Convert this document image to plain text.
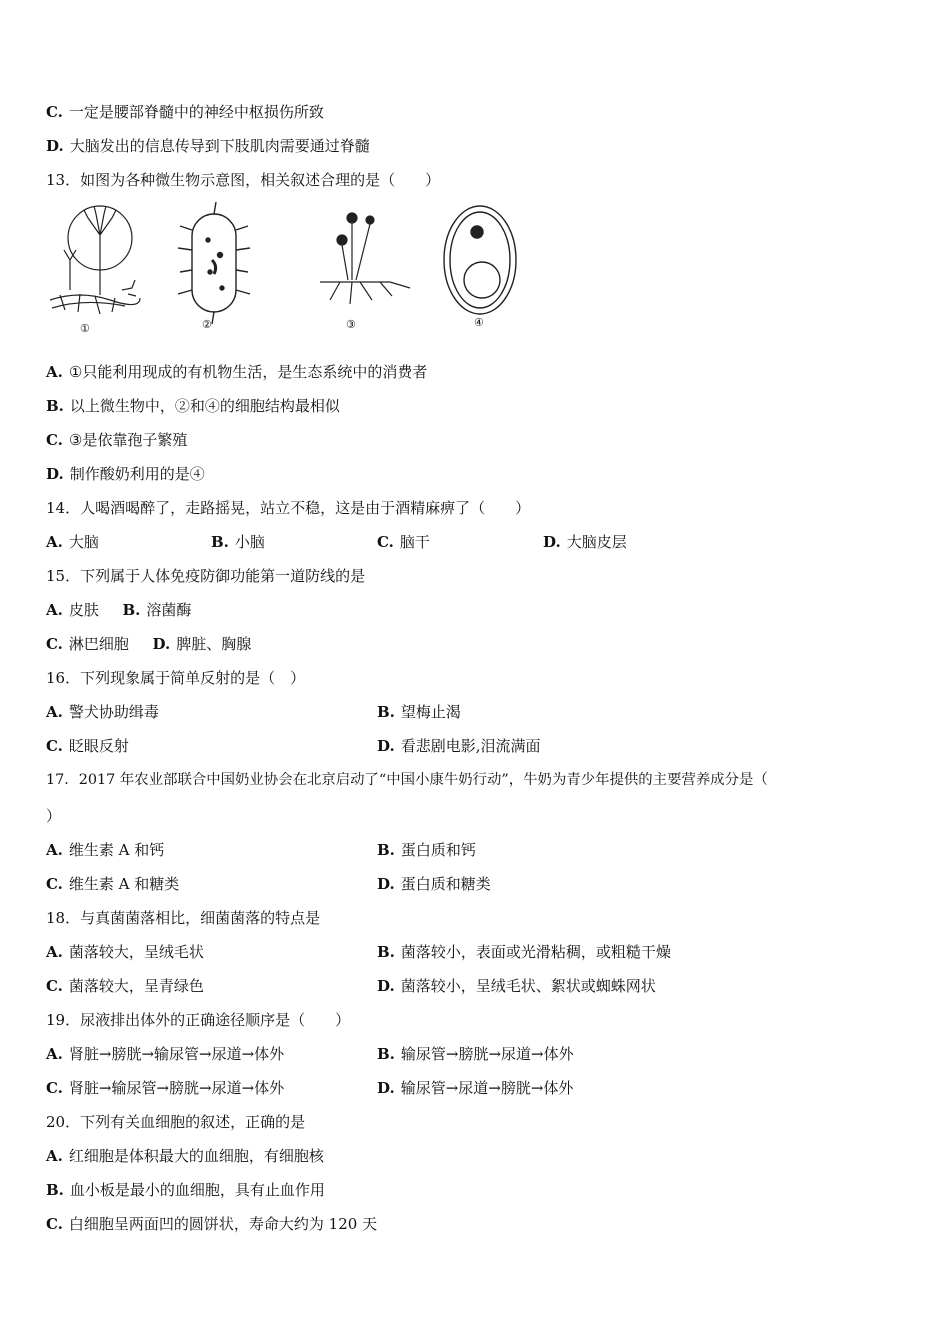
C. 一定是腰部脊髓中的神经中枢损伤所致
D. 大脑发出的信息传导到下肢肌肉需要通过脊髓
13．如图为各种微生物示意图，相关叙述合理的是（　　）
①	②	③	④
A. ①只能利用现成的有机物生活，是生态系统中的消费者
B. 以上微生物中，②和④的细胞结构最相似
C. ③是依靠孢子繁殖
D. 制作酸奶利用的是④
14．人喝酒喝醉了，走路摇晃，站立不稳，这是由于酒精麻痹了（　　）
A. 大脑	B. 小脑	C. 脑干	D. 大脑皮层
15．下列属于人体免疫防御功能第一道防线的是
A. 皮肤 B. 溶菌酶
C. 淋巴细胞 D. 脾脏、胸腺
16．下列现象属于简单反射的是（　）
A. 警犬协助缉毒	B. 望梅止渴
C. 眨眼反射	D. 看悲剧电影,泪流满面
17．2017 年农业部联合中国奶业协会在北京启动了“中国小康牛奶行动”，牛奶为青少年提供的主要营养成分是（
）
A. 维生素 A 和钙	B. 蛋白质和钙
C. 维生素 A 和糖类	D. 蛋白质和糖类
18．与真菌菌落相比，细菌菌落的特点是
A. 菌落较大，呈绒毛状	B. 菌落较小，表面或光滑粘稠，或粗糙干燥
C. 菌落较大，呈青绿色	D. 菌落较小，呈绒毛状、絮状或蜘蛛网状
19．尿液排出体外的正确途径顺序是（　　）
A. 肾脏→膀胱→输尿管→尿道→体外	B. 输尿管→膀胱→尿道→体外
C. 肾脏→输尿管→膀胱→尿道→体外	D. 输尿管→尿道→膀胱→体外
20．下列有关血细胞的叙述，正确的是
A. 红细胞是体积最大的血细胞，有细胞核
B. 血小板是最小的血细胞，具有止血作用
C. 白细胞呈两面凹的圆饼状，寿命大约为 120 天
